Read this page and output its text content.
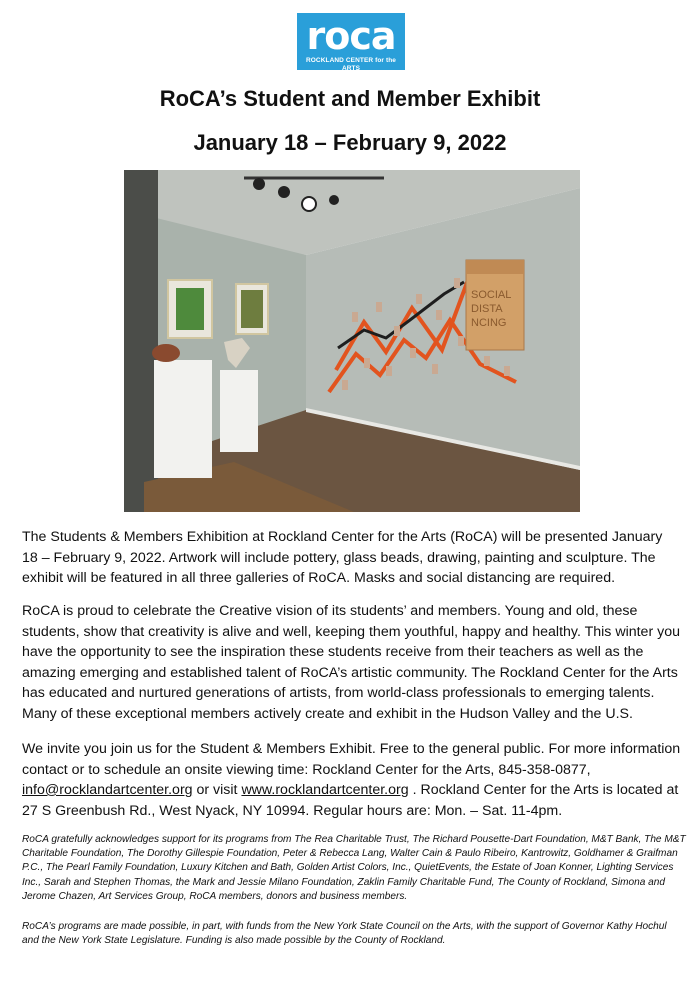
roca
ROCKLAND CENTER for the ARTS
RoCA’s Student and Member Exhibit
January 18 – February 9, 2022
SOCIAL
DISTA
NCING

The Students & Members Exhibition at Rockland Center for the Arts (RoCA) will be presented January 18 – February 9, 2022. Artwork will include pottery, glass beads, drawing, painting and sculpture. The exhibit will be featured in all three galleries of RoCA. Masks and social distancing are required.

RoCA is proud to celebrate the Creative vision of its students’ and members. Young and old, these students, show that creativity is alive and well, keeping them youthful, happy and healthy. This winter you have the opportunity to see the inspiration these students receive from their teachers as well as the amazing emerging and established talent of RoCA’s artistic community. The Rockland Center for the Arts has educated and nurtured generations of artists, from world-class professionals to emerging talents. Many of these exceptional members actively create and exhibit in the Hudson Valley and the U.S.

We invite you join us for the Student & Members Exhibit. Free to the general public. For more information contact or to schedule an onsite viewing time: Rockland Center for the Arts, 845-358-0877, info@rocklandartcenter.org or visit www.rocklandartcenter.org . Rockland Center for the Arts is located at 27 S Greenbush Rd., West Nyack, NY 10994. Regular hours are: Mon. – Sat. 11-4pm.

RoCA gratefully acknowledges support for its programs from The Rea Charitable Trust, The Richard Pousette-Dart Foundation, M&T Bank, The M&T Charitable Foundation, The Dorothy Gillespie Foundation, Peter & Rebecca Lang, Walter Cain & Paulo Ribeiro, Kantrowitz, Goldhamer & Graifman P.C., The Pearl Family Foundation, Luxury Kitchen and Bath, Golden Artist Colors, Inc., QuietEvents, the Estate of Joan Konner, Lighting Services Inc., Sarah and Stephen Thomas, the Mark and Jessie Milano Foundation, Zaklin Family Charitable Fund, The County of Rockland, Simona and Jerome Chazen, Art Services Group, RoCA members, donors and business members.

RoCA’s programs are made possible, in part, with funds from the New York State Council on the Arts, with the support of Governor Kathy Hochul and the New York State Legislature. Funding is also made possible by the County of Rockland.
